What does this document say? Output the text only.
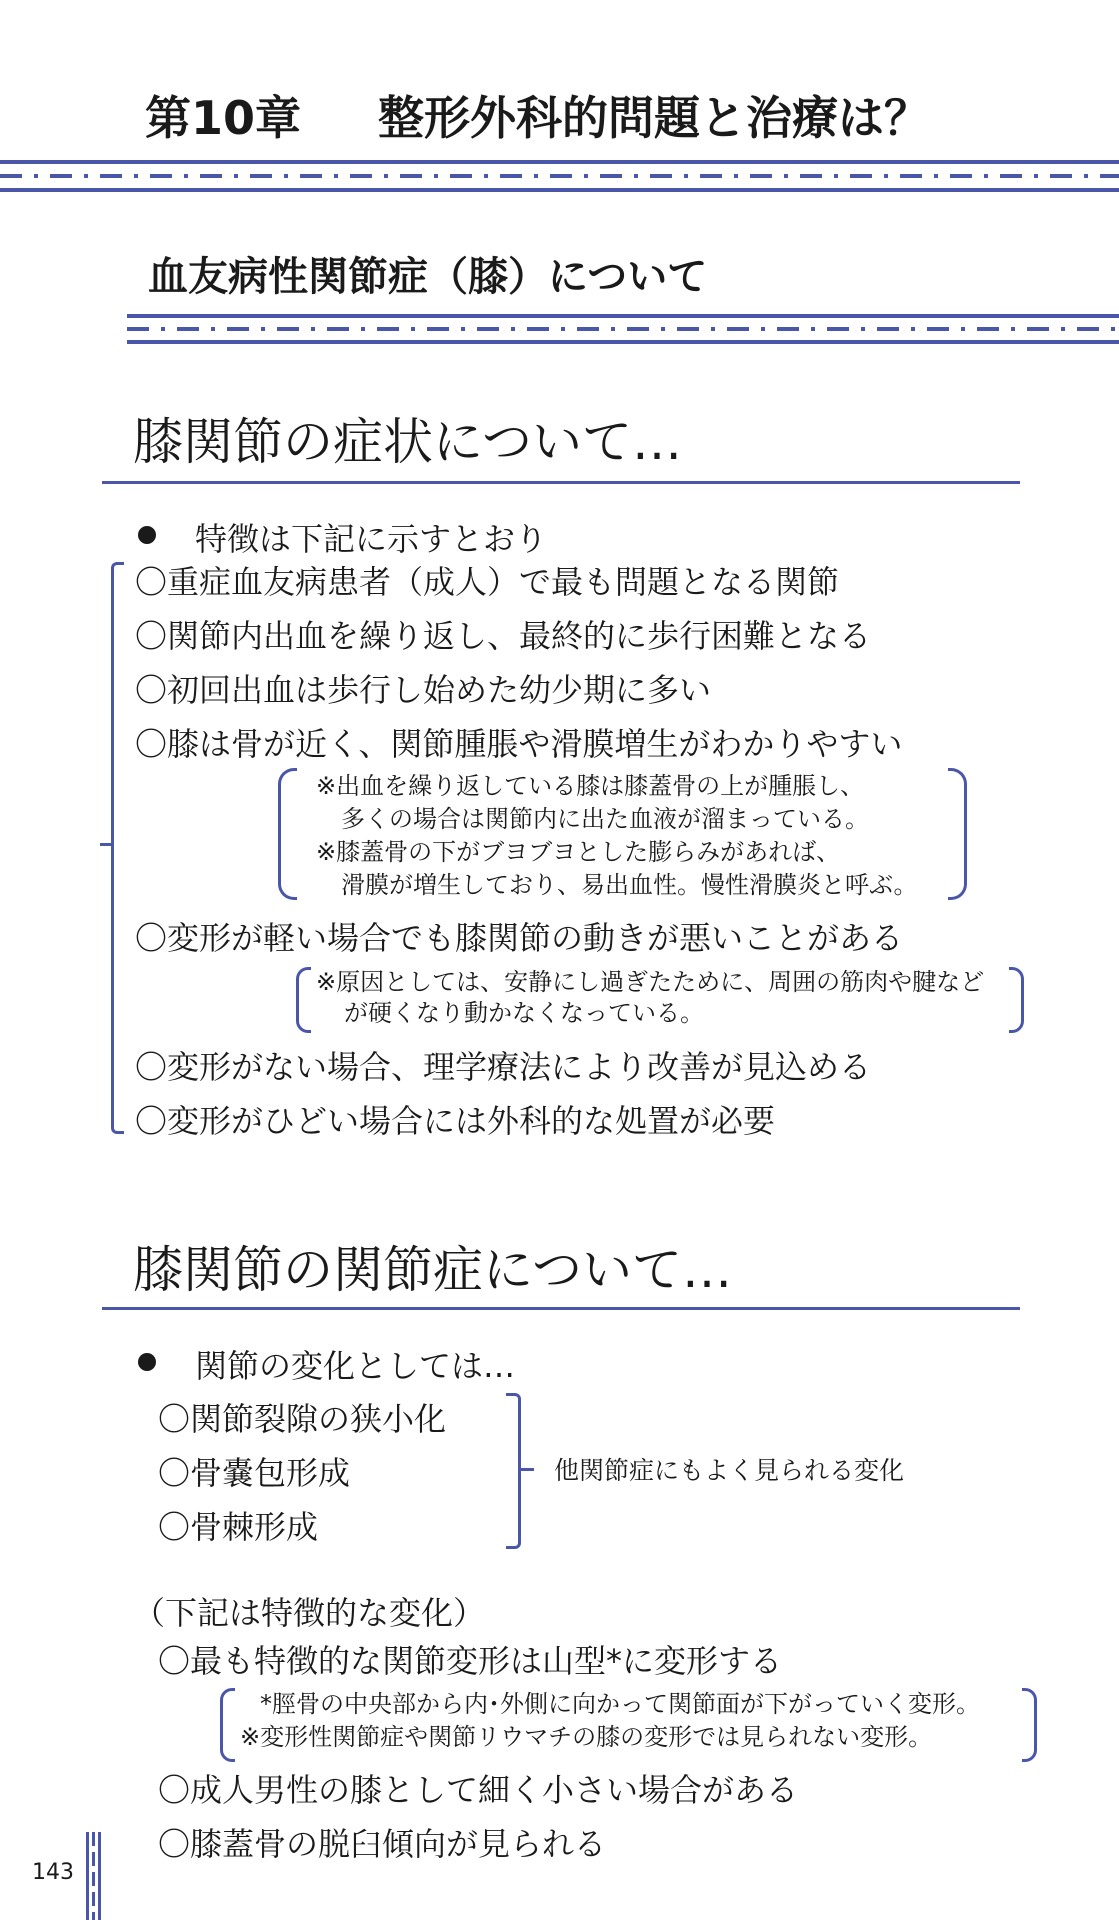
第10章 整形外科的問題と治療は？
血友病性関節症（膝）について
膝関節の症状について…
特徴は下記に示すとおり
〇重症血友病患者（成人）で最も問題となる関節
〇関節内出血を繰り返し、最終的に歩行困難となる
〇初回出血は歩行し始めた幼少期に多い
〇膝は骨が近く、関節腫脹や滑膜増生がわかりやすい
※出血を繰り返している膝は膝蓋骨の上が腫脹し、
多くの場合は関節内に出た血液が溜まっている。
※膝蓋骨の下がブヨブヨとした膨らみがあれば、
滑膜が増生しており、易出血性。慢性滑膜炎と呼ぶ。
〇変形が軽い場合でも膝関節の動きが悪いことがある
※原因としては、安静にし過ぎたために、周囲の筋肉や腱など
が硬くなり動かなくなっている。
〇変形がない場合、理学療法により改善が見込める
〇変形がひどい場合には外科的な処置が必要
膝関節の関節症について…
関節の変化としては…
〇関節裂隙の狭小化
〇骨嚢包形成
〇骨棘形成
他関節症にもよく見られる変化
（下記は特徴的な変化）
〇最も特徴的な関節変形は山型*に変形する
*脛骨の中央部から内･外側に向かって関節面が下がっていく変形。
※変形性関節症や関節リウマチの膝の変形では見られない変形。
〇成人男性の膝として細く小さい場合がある
〇膝蓋骨の脱臼傾向が見られる
143
